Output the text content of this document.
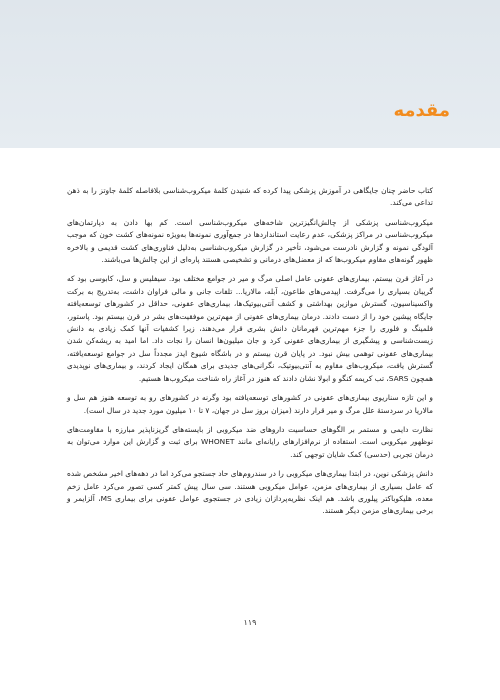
مقدمه

کتاب حاضر چنان جایگاهی در آموزش پزشکی پیدا کرده که شنیدن کلمهٔ میکروب‌شناسی بلافاصله کلمهٔ جاوتز را به ذهن تداعی می‌کند.

میکروب‌شناسی پزشکی از چالش‌انگیزترین شاخه‌های میکروب‌شناسی است. کم بها دادن به دپارتمان‌های میکروب‌شناسی در مراکز پزشکی، عدم رعایت استانداردها در جمع‌آوری نمونه‌ها به‌ویژه نمونه‌های کشت خون که موجب آلودگی نمونه و گزارش نادرست می‌شود، تأخیر در گزارش میکروب‌شناسی به‌دلیل فناوری‌های کشت قدیمی و بالاخره ظهور گونه‌های مقاوم میکروب‌ها که از معضل‌های درمانی و تشخیصی هستند پاره‌ای از این چالش‌ها می‌باشند.

در آغاز قرن بیستم، بیماری‌های عفونی عامل اصلی مرگ و میر در جوامع مختلف بود. سیفلیس و سل، کابوسی بود که گریبان بسیاری را می‌گرفت. اپیدمی‌های طاعون، آبله، مالاریا... تلفات جانی و مالی فراوان داشت، به‌تدریج به برکت واکسیناسیون، گسترش موازین بهداشتی و کشف آنتی‌بیوتیک‌ها، بیماری‌های عفونی، حداقل در کشورهای توسعه‌یافته جایگاه پیشین خود را از دست دادند. درمان بیماری‌های عفونی از مهم‌ترین موفقیت‌های بشر در قرن بیستم بود. پاستور، فلمینگ و فلوری را جزء مهم‌ترین قهرمانان دانش بشری قرار می‌دهند، زیرا کشفیات آنها کمک زیادی به دانش زیست‌شناسی و پیشگیری از بیماری‌های عفونی کرد و جان میلیون‌ها انسان را نجات داد. اما امید به ریشه‌کن شدن بیماری‌های عفونی توهمی بیش نبود. در پایان قرن بیستم و در باشگاه شیوع ایدز مجدداً سل در جوامع توسعه‌یافته، گسترش یافت، میکروب‌های مقاوم به آنتی‌بیوتیک، نگرانی‌های جدیدی برای همگان ایجاد کردند، و بیماری‌های نوپدیدی همچون SARS، تب کریمه کنگو و ابولا نشان دادند که هنوز در آغاز راه شناخت میکروب‌ها هستیم.

و این تازه سناریوی بیماری‌های عفونی در کشورهای توسعه‌یافته بود وگرنه در کشورهای رو به توسعه هنوز هم سل و مالاریا در سردستهٔ علل مرگ و میر قرار دارند (میزان بروز سل در جهان، ۷ تا ۱۰ میلیون مورد جدید در سال است).

نظارت دایمی و مستمر بر الگوهای حساسیت داروهای ضد میکروبی از بایسته‌های گریزناپذیر مبارزه با مقاومت‌های نوظهور میکروبی است. استفاده از نرم‌افزارهای رایانه‌ای مانند WHONET برای ثبت و گزارش این موارد می‌توان به درمان تجربی (حدسی) کمک شایان توجهی کند.

دانش پزشکی نوین، در ابتدا بیماری‌های میکروبی را در سندروم‌های حاد جستجو می‌کرد اما در دهه‌های اخیر مشخص شده که عامل بسیاری از بیماری‌های مزمن، عوامل میکروبی هستند. سی سال پیش کمتر کسی تصور می‌کرد عامل زخم معده، هلیکوباکتر پیلوری باشد. هم اینک نظریه‌پردازان زیادی در جستجوی عوامل عفونی برای بیماری MS، آلزایمر و برخی بیماری‌های مزمن دیگر هستند.

۱۱۹
